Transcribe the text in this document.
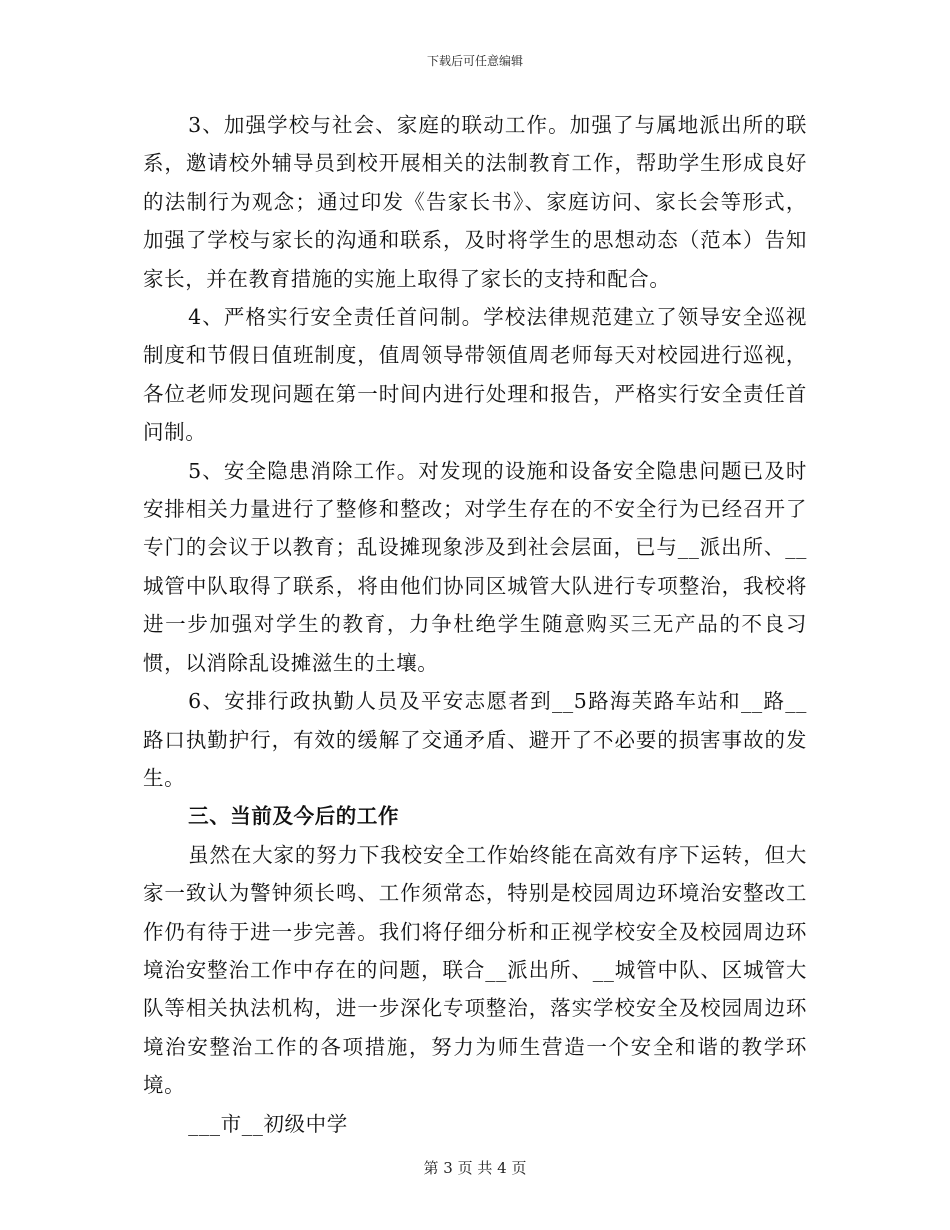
下载后可任意编辑

3、加强学校与社会、家庭的联动工作。加强了与属地派出所的联系，邀请校外辅导员到校开展相关的法制教育工作，帮助学生形成良好的法制行为观念；通过印发《告家长书》、家庭访问、家长会等形式，加强了学校与家长的沟通和联系，及时将学生的思想动态（范本）告知家长，并在教育措施的实施上取得了家长的支持和配合。

4、严格实行安全责任首问制。学校法律规范建立了领导安全巡视制度和节假日值班制度，值周领导带领值周老师每天对校园进行巡视，各位老师发现问题在第一时间内进行处理和报告，严格实行安全责任首问制。

5、安全隐患消除工作。对发现的设施和设备安全隐患问题已及时安排相关力量进行了整修和整改；对学生存在的不安全行为已经召开了专门的会议于以教育；乱设摊现象涉及到社会层面，已与__派出所、__城管中队取得了联系，将由他们协同区城管大队进行专项整治，我校将进一步加强对学生的教育，力争杜绝学生随意购买三无产品的不良习惯，以消除乱设摊滋生的土壤。

6、安排行政执勤人员及平安志愿者到__5路海芙路车站和__路__路口执勤护行，有效的缓解了交通矛盾、避开了不必要的损害事故的发生。

三、当前及今后的工作

虽然在大家的努力下我校安全工作始终能在高效有序下运转，但大家一致认为警钟须长鸣、工作须常态，特别是校园周边环境治安整改工作仍有待于进一步完善。我们将仔细分析和正视学校安全及校园周边环境治安整治工作中存在的问题，联合__派出所、__城管中队、区城管大队等相关执法机构，进一步深化专项整治，落实学校安全及校园周边环境治安整治工作的各项措施，努力为师生营造一个安全和谐的教学环境。

___市__初级中学

第 3 页 共 4 页
